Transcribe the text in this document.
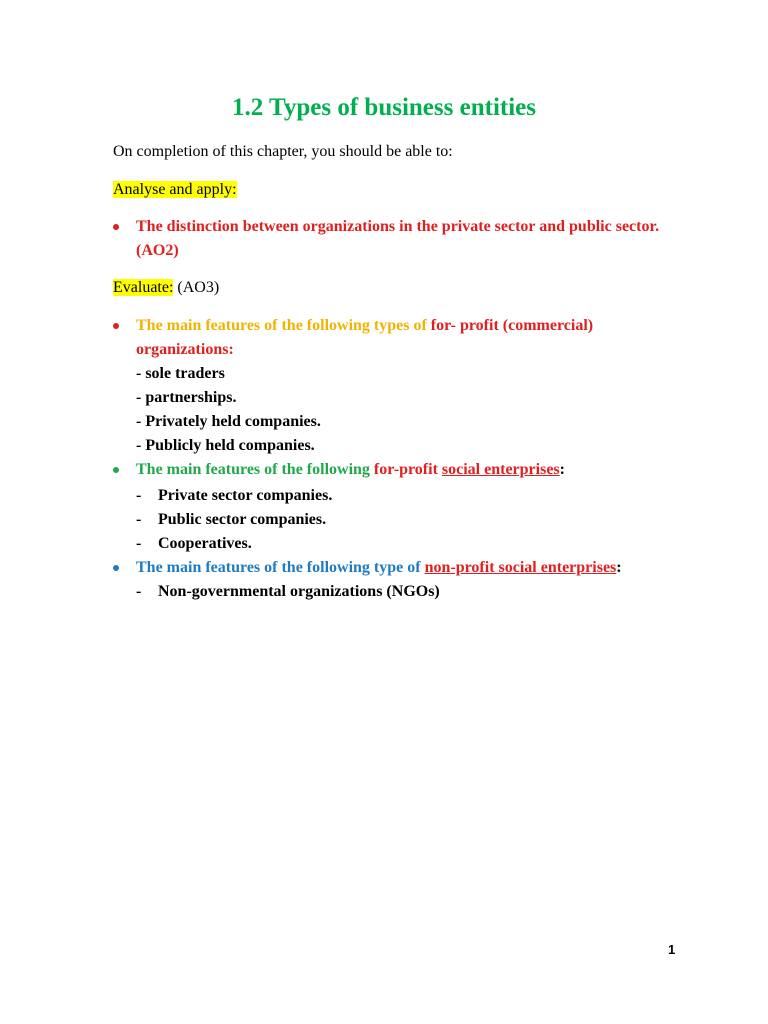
1.2 Types of business entities
On completion of this chapter, you should be able to:
Analyse and apply:
The distinction between organizations in the private sector and public sector.
(AO2)
Evaluate: (AO3)
The main features of the following types of for- profit (commercial)
organizations:
- sole traders
- partnerships.
- Privately held companies.
- Publicly held companies.
The main features of the following for-profit social enterprises:
- Private sector companies.
- Public sector companies.
- Cooperatives.
The main features of the following type of non-profit social enterprises:
- Non-governmental organizations (NGOs)
1
